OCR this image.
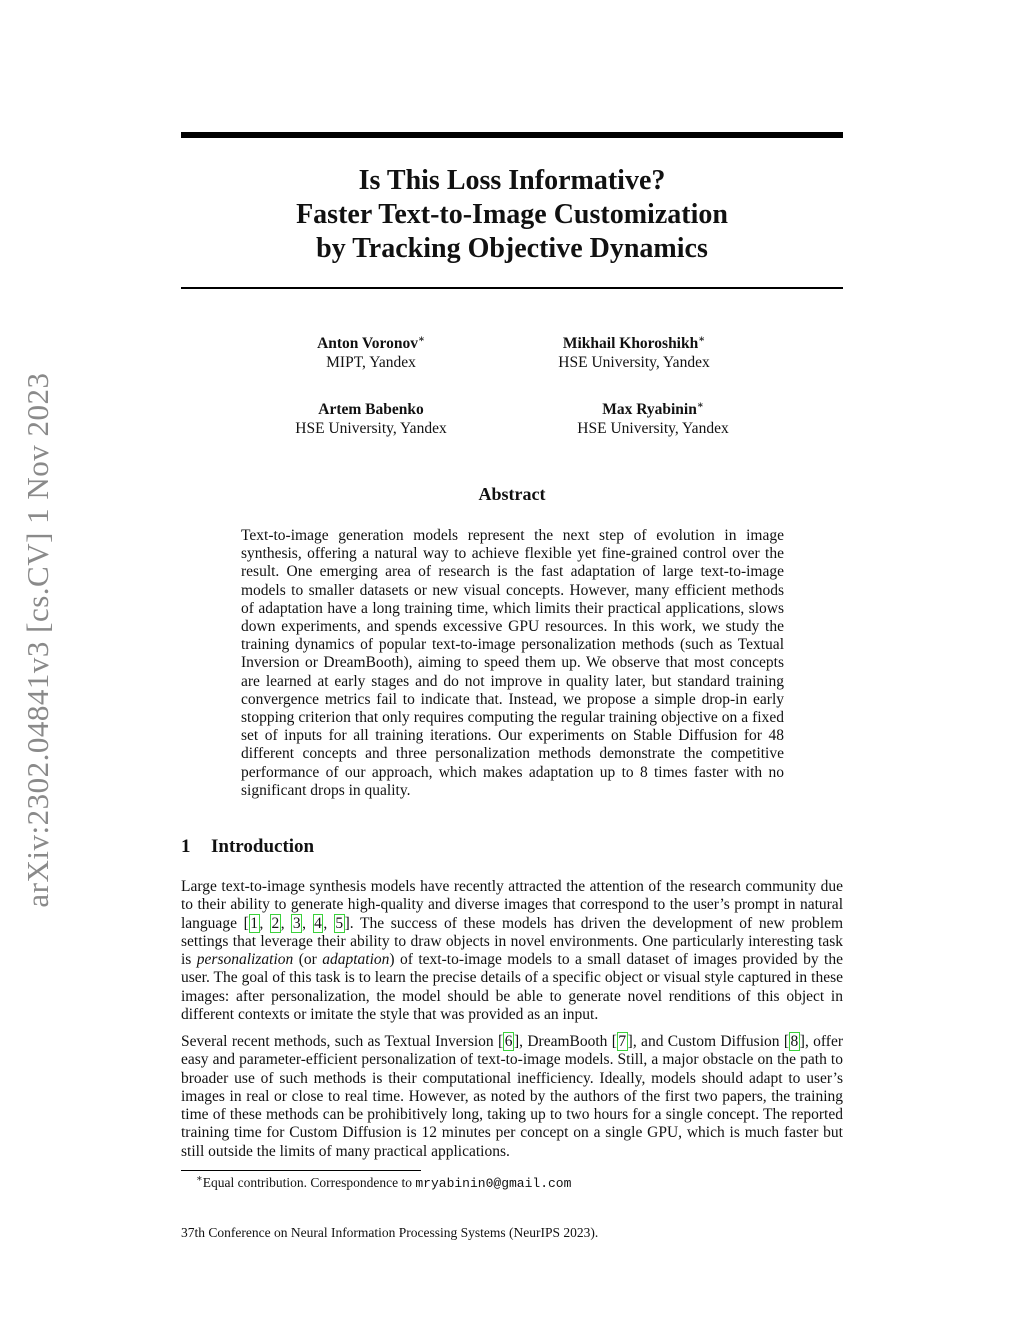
arXiv:2302.04841v3 [cs.CV] 1 Nov 2023
Is This Loss Informative?
Faster Text-to-Image Customization
by Tracking Objective Dynamics
Anton Voronov∗
MIPT, Yandex
Mikhail Khoroshikh∗
HSE University, Yandex
Artem Babenko
HSE University, Yandex
Max Ryabinin∗
HSE University, Yandex
Abstract

Text-to-image generation models represent the next step of evolution in image synthesis, offering a natural way to achieve flexible yet fine-grained control over the result. One emerging area of research is the fast adaptation of large text-to-image models to smaller datasets or new visual concepts. However, many efficient methods of adaptation have a long training time, which limits their practical applications, slows down experiments, and spends excessive GPU resources. In this work, we study the training dynamics of popular text-to-image personalization methods (such as Textual Inversion or DreamBooth), aiming to speed them up. We observe that most concepts are learned at early stages and do not improve in quality later, but standard training convergence metrics fail to indicate that. Instead, we propose a simple drop-in early stopping criterion that only requires computing the regular training objective on a fixed set of inputs for all training iterations. Our experiments on Stable Diffusion for 48 different concepts and three personalization methods demonstrate the competitive performance of our approach, which makes adaptation up to 8 times faster with no significant drops in quality.

1 Introduction

Large text-to-image synthesis models have recently attracted the attention of the research community due to their ability to generate high-quality and diverse images that correspond to the user’s prompt in natural language [1, 2, 3, 4, 5]. The success of these models has driven the development of new problem settings that leverage their ability to draw objects in novel environments. One particularly interesting task is personalization (or adaptation) of text-to-image models to a small dataset of images provided by the user. The goal of this task is to learn the precise details of a specific object or visual style captured in these images: after personalization, the model should be able to generate novel renditions of this object in different contexts or imitate the style that was provided as an input.

Several recent methods, such as Textual Inversion [6], DreamBooth [7], and Custom Diffusion [8], offer easy and parameter-efficient personalization of text-to-image models. Still, a major obstacle on the path to broader use of such methods is their computational inefficiency. Ideally, models should adapt to user’s images in real or close to real time. However, as noted by the authors of the first two papers, the training time of these methods can be prohibitively long, taking up to two hours for a single concept. The reported training time for Custom Diffusion is 12 minutes per concept on a single GPU, which is much faster but still outside the limits of many practical applications.

∗Equal contribution. Correspondence to mryabinin0@gmail.com

37th Conference on Neural Information Processing Systems (NeurIPS 2023).
